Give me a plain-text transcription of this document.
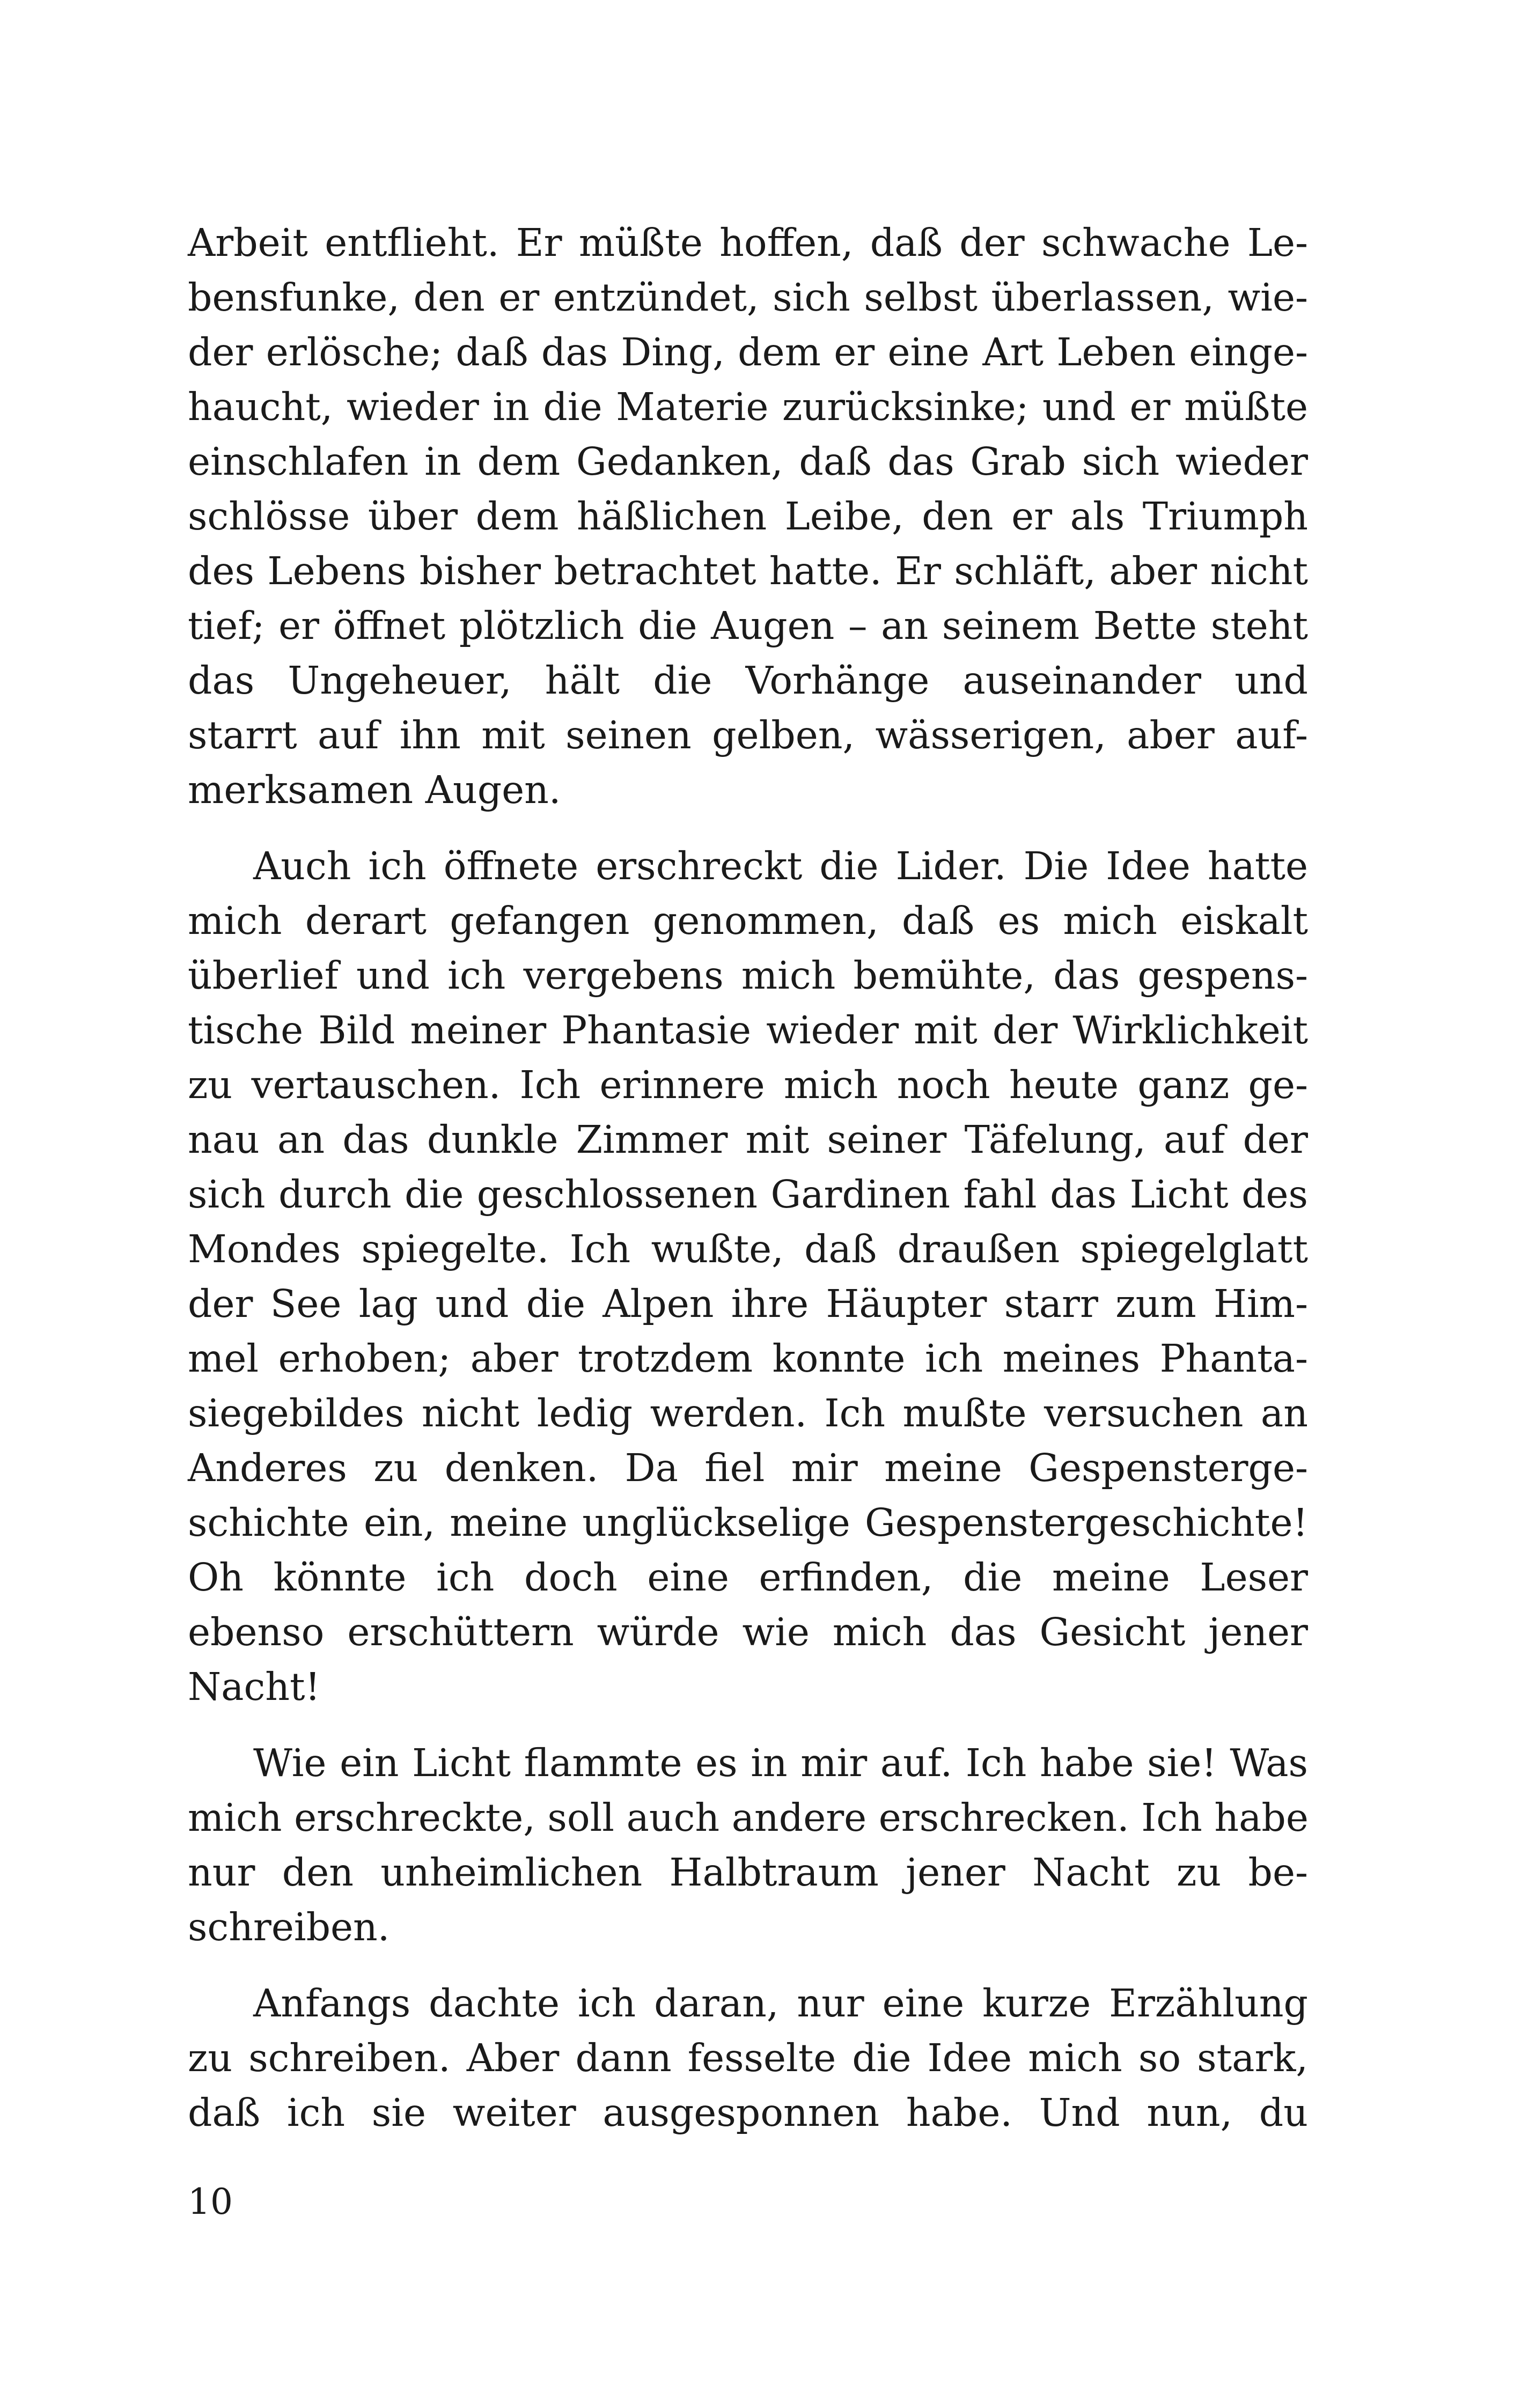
Arbeit entflieht. Er müßte hoffen, daß der schwache Le-
bensfunke, den er entzündet, sich selbst überlassen, wie-
der erlösche; daß das Ding, dem er eine Art Leben einge-
haucht, wieder in die Materie zurücksinke; und er müßte
einschlafen in dem Gedanken, daß das Grab sich wieder
schlösse über dem häßlichen Leibe, den er als Triumph
des Lebens bisher betrachtet hatte. Er schläft, aber nicht
tief; er öffnet plötzlich die Augen – an seinem Bette steht
das Ungeheuer, hält die Vorhänge auseinander und
starrt auf ihn mit seinen gelben, wässerigen, aber auf-
merksamen Augen.

Auch ich öffnete erschreckt die Lider. Die Idee hatte
mich derart gefangen genommen, daß es mich eiskalt
überlief und ich vergebens mich bemühte, das gespens-
tische Bild meiner Phantasie wieder mit der Wirklichkeit
zu vertauschen. Ich erinnere mich noch heute ganz ge-
nau an das dunkle Zimmer mit seiner Täfelung, auf der
sich durch die geschlossenen Gardinen fahl das Licht des
Mondes spiegelte. Ich wußte, daß draußen spiegelglatt
der See lag und die Alpen ihre Häupter starr zum Him-
mel erhoben; aber trotzdem konnte ich meines Phanta-
siegebildes nicht ledig werden. Ich mußte versuchen an
Anderes zu denken. Da fiel mir meine Gespensterge-
schichte ein, meine unglückselige Gespenstergeschichte!
Oh könnte ich doch eine erfinden, die meine Leser
ebenso erschüttern würde wie mich das Gesicht jener
Nacht!

Wie ein Licht flammte es in mir auf. Ich habe sie! Was
mich erschreckte, soll auch andere erschrecken. Ich habe
nur den unheimlichen Halbtraum jener Nacht zu be-
schreiben.

Anfangs dachte ich daran, nur eine kurze Erzählung
zu schreiben. Aber dann fesselte die Idee mich so stark,
daß ich sie weiter ausgesponnen habe. Und nun, du

10
